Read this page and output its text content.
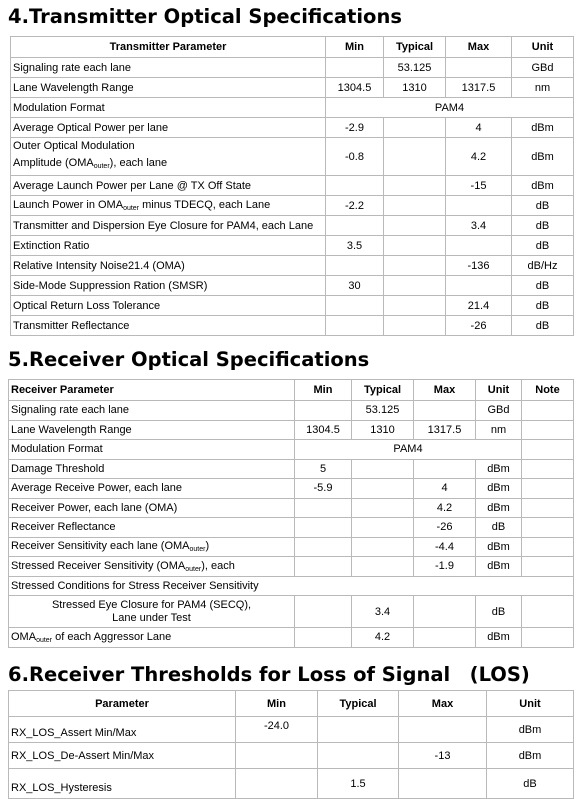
4.Transmitter Optical Specifications
Transmitter Parameter	Min	Typical	Max	Unit
Signaling rate each lane		53.125		GBd
Lane Wavelength Range	1304.5	1310	1317.5	nm
Modulation Format	PAM4			
Average Optical Power per lane	-2.9		4	dBm
Outer Optical Modulation
Amplitude $(OMA_{outer})$, each lane	-0.8		4.2	dBm
Average Launch Power per Lane @ TX Off State			-15	dBm
Launch Power in $OMA_{outer}$ minus TDECQ, each Lane	-2.2			dB
Transmitter and Dispersion Eye Closure for PAM4, each Lane			3.4	dB
Extinction Ratio	3.5			dB
Relative Intensity Noise21.4 (OMA)			-136	dB/Hz
Side-Mode Suppression Ration (SMSR)	30			dB
Optical Return Loss Tolerance			21.4	dB
Transmitter Reflectance			-26	dB
5.Receiver Optical Specifications
Receiver Parameter	Min	Typical	Max	Unit	Note
Signaling rate each lane		53.125		GBd	
Lane Wavelength Range	1304.5	1310	1317.5	nm	
Modulation Format	PAM4				
Damage Threshold	5			dBm	
Average Receive Power, each lane	-5.9		4	dBm	
Receiver Power, each lane (OMA)			4.2	dBm	
Receiver Reflectance			-26	dB	
Receiver Sensitivity each lane $(OMA_{outer})$			-4.4	dBm	
Stressed Receiver Sensitivity $(OMA_{outer})$, each			-1.9	dBm	
Stressed Conditions for Stress Receiver Sensitivity					
Stressed Eye Closure for PAM4 (SECQ),
Lane under Test		3.4		dB	
$OMA_{outer}$ of each Aggressor Lane		4.2		dBm	
6.Receiver Thresholds for Loss of Signal　(LOS)
Parameter	Min	Typical	Max	Unit
RX_LOS_Assert Min/Max	-24.0			dBm
RX_LOS_De-Assert Min/Max			-13	dBm
RX_LOS_Hysteresis		1.5		dB
